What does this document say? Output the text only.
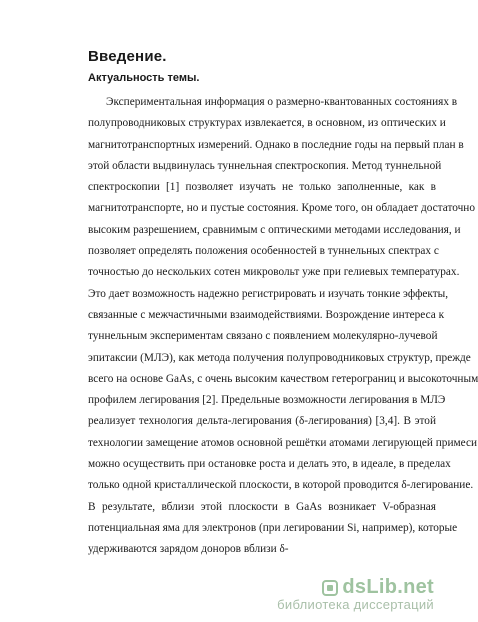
Введение.
Актуальность темы.
Экспериментальная информация о размерно-квантованных состояниях в
полупроводниковых структурах извлекается, в основном, из оптических и
магнитотранспортных измерений. Однако в последние годы на первый план в
этой области выдвинулась туннельная спектроскопия. Метод туннельной
спектроскопии [1] позволяет изучать не только заполненные, как в
магнитотранспорте, но и пустые состояния. Кроме того, он обладает достаточно
высоким разрешением, сравнимым с оптическими методами исследования, и
позволяет определять положения особенностей в туннельных спектрах с
точностью до нескольких сотен микровольт уже при гелиевых температурах.
Это дает возможность надежно регистрировать и изучать тонкие эффекты,
связанные с межчастичными взаимодействиями. Возрождение интереса к
туннельным экспериментам связано с появлением молекулярно-лучевой
эпитаксии (МЛЭ), как метода получения полупроводниковых структур, прежде
всего на основе GaAs, с очень высоким качеством гетерограниц и высокоточным
профилем легирования [2]. Предельные возможности легирования в МЛЭ
реализует технология дельта-легирования (δ-легирования) [3,4]. В этой
технологии замещение атомов основной решётки атомами легирующей примеси
можно осуществить при остановке роста и делать это, в идеале, в пределах
только одной кристаллической плоскости, в которой проводится δ-легирование.
В результате, вблизи этой плоскости в GaAs возникает V-образная
потенциальная яма для электронов (при легировании Si, например), которые
удерживаются зарядом доноров вблизи δ-
dsLib.net
библиотека диссертаций
